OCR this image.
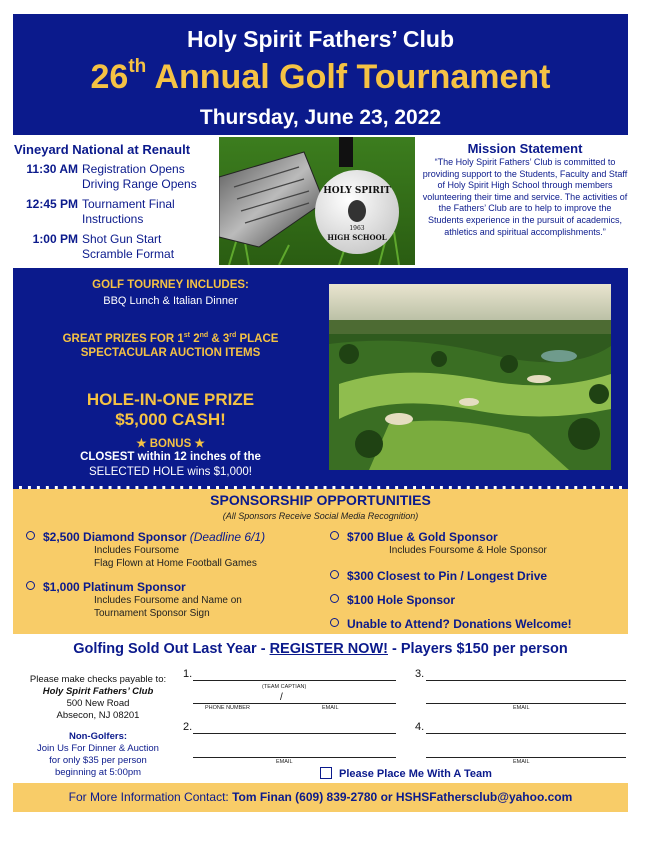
Holy Spirit Fathers’ Club
26th Annual Golf Tournament
Thursday, June 23, 2022
Vineyard National at Renault
11:30 AM Registration Opens
Driving Range Opens
12:45 PM Tournament Final
Instructions
1:00 PM Shot Gun Start
Scramble Format
HOLY SPIRIT
1963
HIGH SCHOOL
Mission Statement
“The Holy Spirit Fathers’ Club is committed to providing support to the Students, Faculty and Staff of Holy Spirit High School through members volunteering their time and service. The activities of the Fathers’ Club are to help to improve the Students experience in the pursuit of academics, athletics and spiritual accomplishments.”
GOLF TOURNEY INCLUDES:
BBQ Lunch & Italian Dinner
GREAT PRIZES FOR 1st 2nd & 3rd PLACE
SPECTACULAR AUCTION ITEMS
HOLE-IN-ONE PRIZE
$5,000 CASH!
★ BONUS ★
CLOSEST within 12 inches of the
SELECTED HOLE wins $1,000!
SPONSORSHIP OPPORTUNITIES
(All Sponsors Receive Social Media Recognition)
$2,500 Diamond Sponsor (Deadline 6/1)
Includes Foursome
Flag Flown at Home Football Games
$1,000 Platinum Sponsor
Includes Foursome and Name on
Tournament Sponsor Sign
$700 Blue & Gold Sponsor
Includes Foursome & Hole Sponsor
$300 Closest to Pin / Longest Drive
$100 Hole Sponsor
Unable to Attend? Donations Welcome!
Golfing Sold Out Last Year - REGISTER NOW! - Players $150 per person
Please make checks payable to:
Holy Spirit Fathers’ Club
500 New Road
Absecon, NJ 08201
Non-Golfers:
Join Us For Dinner & Auction
for only $35 per person
beginning at 5:00pm
1.
(TEAM CAPTIAN)
/
PHONE NUMBER	EMAIL
3.
EMAIL
2.
EMAIL
4.
EMAIL
Please Place Me With A Team
For More Information Contact: Tom Finan (609) 839-2780 or HSHSFathersclub@yahoo.com
